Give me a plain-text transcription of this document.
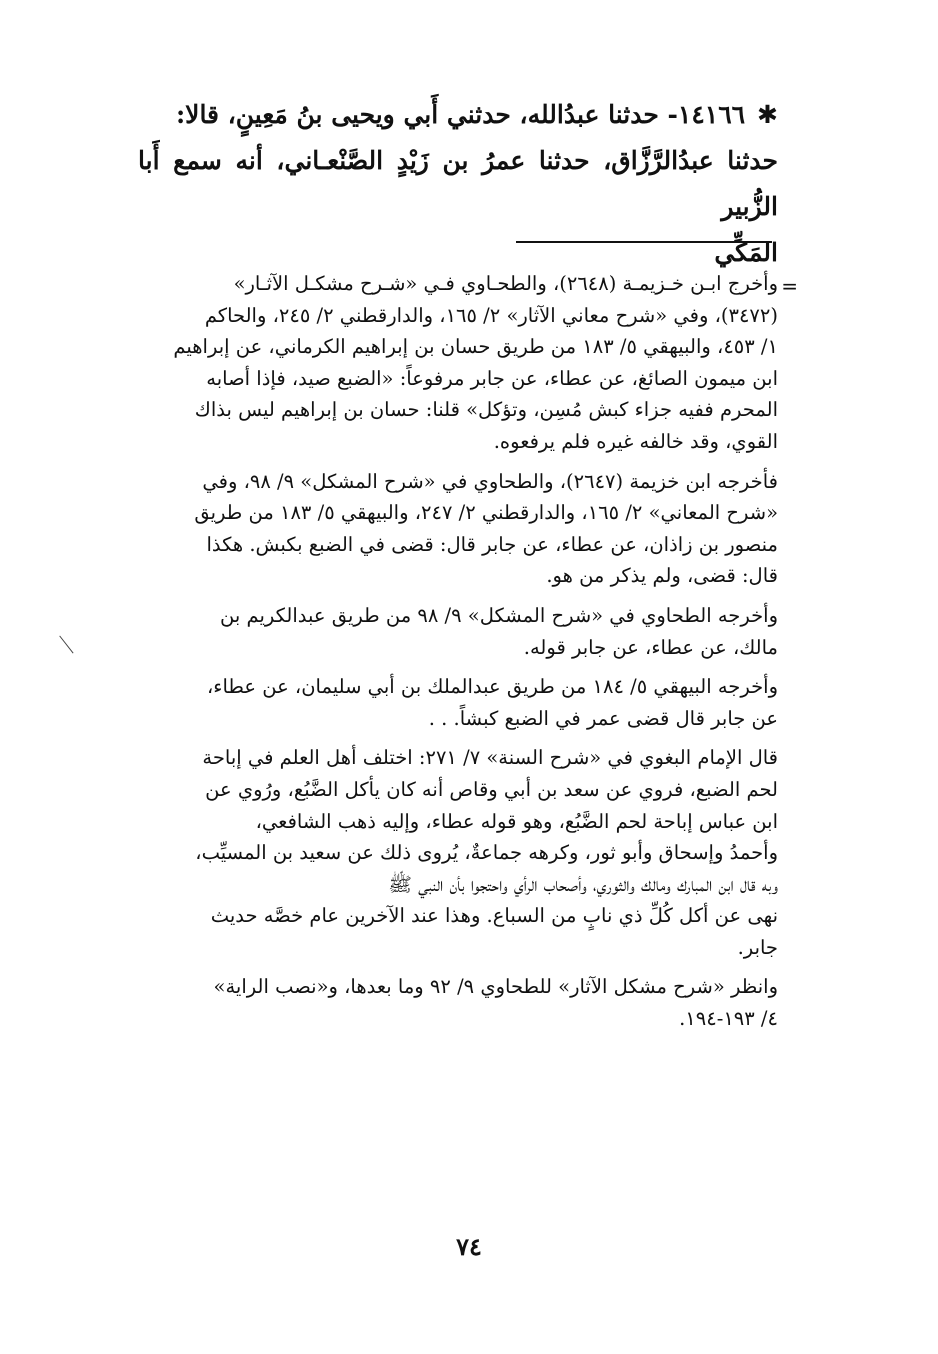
✱١٤١٦٦- حدثنا عبدُالله، حدثني أَبي ويحيى بنُ مَعِينٍ، قالا:
حدثنا عبدُالرَّزَّاق، حدثنا عمرُ بن زَيْدٍ الصَّنْعـاني، أنه سمع أَبا الزُّبير
المَكِّي
=
وأخرج ابـن خـزيمـة (٢٦٤٨)، والطحـاوي فـي «شـرح مشكـل الآثـار»
(٣٤٧٢)، وفي «شرح معاني الآثار» ٢/ ١٦٥، والدارقطني ٢/ ٢٤٥، والحاكم
١/ ٤٥٣، والبيهقي ٥/ ١٨٣ من طريق حسان بن إبراهيم الكرماني، عن إبراهيم
ابن ميمون الصائغ، عن عطاء، عن جابر مرفوعاً: «الضبع صيد، فإذا أصابه
المحرم ففيه جزاء كبش مُسِن، وتؤكل» قلنا: حسان بن إبراهيم ليس بذاك
القوي، وقد خالفه غيره فلم يرفعوه.
فأخرجه ابن خزيمة (٢٦٤٧)، والطحاوي في «شرح المشكل» ٩/ ٩٨، وفي
«شرح المعاني» ٢/ ١٦٥، والدارقطني ٢/ ٢٤٧، والبيهقي ٥/ ١٨٣ من طريق
منصور بن زاذان، عن عطاء، عن جابر قال: قضى في الضبع بكبش. هكذا
قال: قضى، ولم يذكر من هو.
وأخرجه الطحاوي في «شرح المشكل» ٩/ ٩٨ من طريق عبدالكريم بن
مالك، عن عطاء، عن جابر قوله.
وأخرجه البيهقي ٥/ ١٨٤ من طريق عبدالملك بن أبي سليمان، عن عطاء،
عن جابر قال قضى عمر في الضبع كبشاً. . .
قال الإمام البغوي في «شرح السنة» ٧/ ٢٧١: اختلف أهل العلم في إباحة
لحم الضبع، فروي عن سعد بن أبي وقاص أنه كان يأكل الضَّبُع، ورُوي عن
ابن عباس إباحة لحم الضَّبُع، وهو قوله عطاء، وإليه ذهب الشافعي،
وأحمدُ وإسحاق وأبو ثور، وكرهه جماعةٌ، يُروى ذلك عن سعيد بن المسيِّب،
وبه قال ابن المبارك ومالك والثوري، وأصحاب الرأي واحتجوا بأن النبي ﷺ
نهى عن أكل كُلِّ ذي نابٍ من السباع. وهذا عند الآخرين عام خصَّه حديث
جابر.
وانظر «شرح مشكل الآثار» للطحاوي ٩/ ٩٢ وما بعدها، و«نصب الراية»
٤/ ١٩٣-١٩٤.
٧٤
